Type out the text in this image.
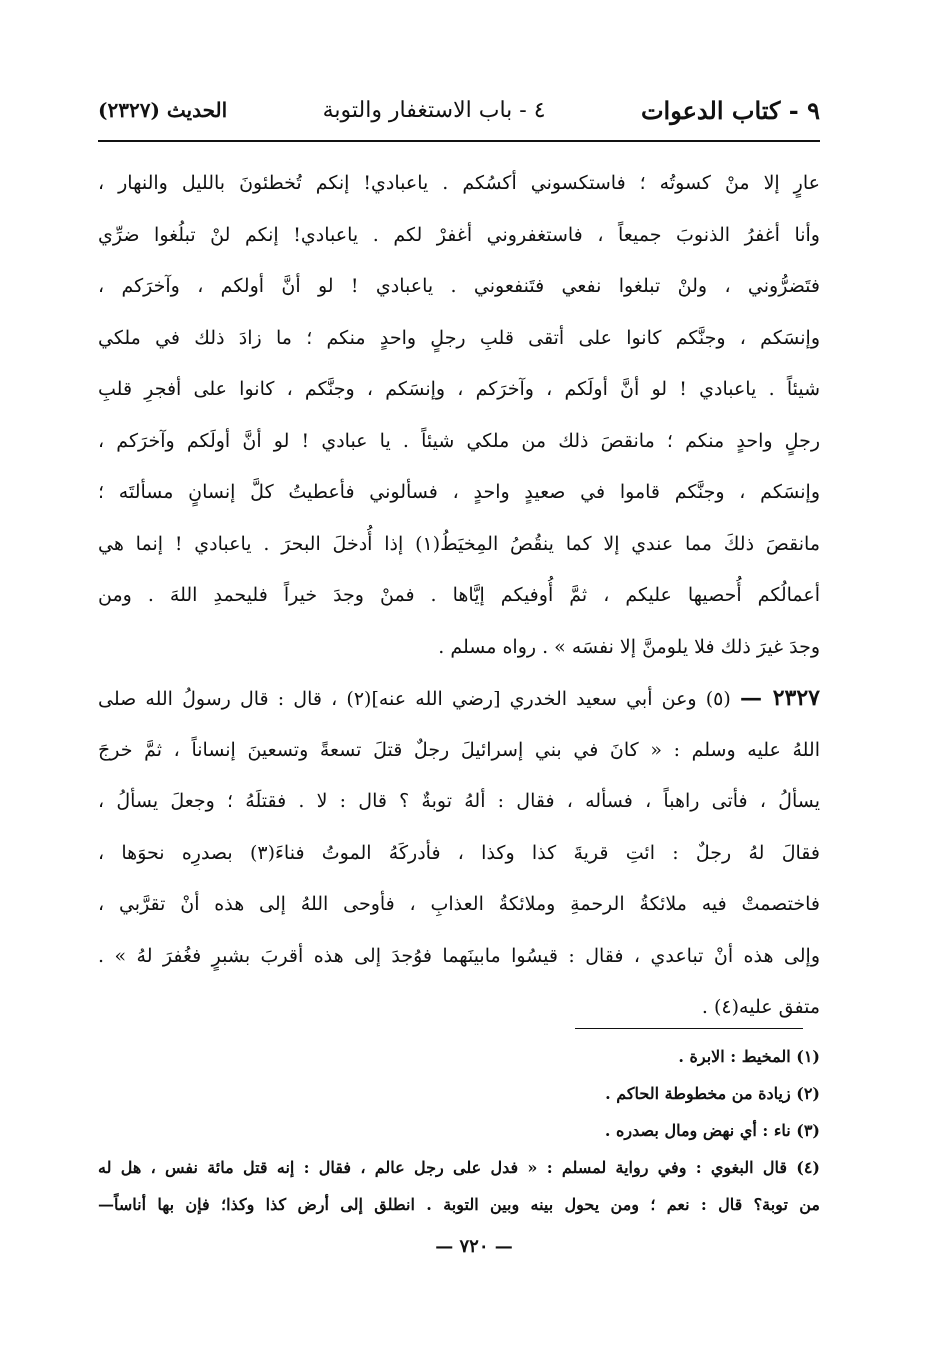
٩ - كتاب الدعوات
٤ - باب الاستغفار والتوبة
الحديث (٢٣٢٧)
عارٍ إلا منْ كسوتُه ؛ فاستكسوني أكسُكم . ياعبادي! إنكم تُخطئونَ بالليل والنهار ،
وأنا أغفرُ الذنوبَ جميعاً ، فاستغفروني أغفرْ لكم . ياعبادي! إنكم لنْ تبلُغوا ضرِّي
فتَضرُّوني ، ولنْ تبلغوا نفعي فتَنفعوني . ياعبادي ! لو أنَّ أولكم ، وآخرَكم ،
وإنسَكم ، وجنَّكم كانوا على أتقى قلبِ رجلٍ واحدٍ منكم ؛ ما زادَ ذلك في ملكي
شيئاً . ياعبادي ! لو أنَّ أولَكم ، وآخرَكم ، وإنسَكم ، وجنَّكم ، كانوا على أفجرِ قلبِ
رجلٍ واحدٍ منكم ؛ مانقصَ ذلك من ملكي شيئاً . يا عبادي ! لو أنَّ أولَكم وآخرَكم ،
وإنسَكم ، وجنَّكم قاموا في صعيدٍ واحدٍ ، فسألوني فأعطيتُ كلَّ إنسانٍ مسألتَه ؛
مانقصَ ذلكَ مما عندي إلا كما ينقُصُ المِخيَطُ(١) إذا أُدخلَ البحرَ . ياعبادي ! إنما هي
أعمالُكم أُحصيها عليكم ، ثمَّ أُوفيكم إيَّاها . فمنْ وجدَ خيراً فليحمدِ اللهَ . ومن
وجدَ غيرَ ذلك فلا يلومنَّ إلا نفسَه » . رواه مسلم .
٢٣٢٧ — (٥) وعن أبي سعيد الخدري [رضي الله عنه](٢) ، قال : قال رسولُ الله صلى
اللهُ عليه وسلم : « كانَ في بني إسرائيلَ رجلٌ قتلَ تسعةً وتسعينَ إنساناً ، ثمَّ خرجَ
يسألُ ، فأتى راهباً ، فسأله ، فقال : ألهُ توبةٌ ؟ قال : لا . فقتلَهُ ؛ وجعلَ يسألُ ،
فقالَ لهُ رجلٌ : ائتِ قريةَ كذا وكذا ، فأدركَهُ الموتُ فناءَ(٣) بصدرِه نحوَها ،
فاختصمتْ فيه ملائكةُ الرحمةِ وملائكةُ العذابِ ، فأوحى اللهُ إلى هذه أنْ تقرَّبي ،
وإلى هذه أنْ تباعدي ، فقال : قيسُوا مابينَهما فوُجدَ إلى هذه أقربَ بشبرٍ فغُفرَ لهُ » .
متفق عليه(٤) .
(١) المخيط : الابرة .
(٢) زيادة من مخطوطة الحاكم .
(٣) ناء : أي نهض ومال بصدره .
(٤) قال البغوي : وفي رواية لمسلم : « فدل على رجل عالم ، فقال : إنه قتل مائة نفس ، هل له
من توبة؟ قال : نعم ؛ ومن يحول بينه وبين التوبة . انطلق إلى أرض كذا وكذا؛ فإن بها أناساً—
— ٧٢٠ —
